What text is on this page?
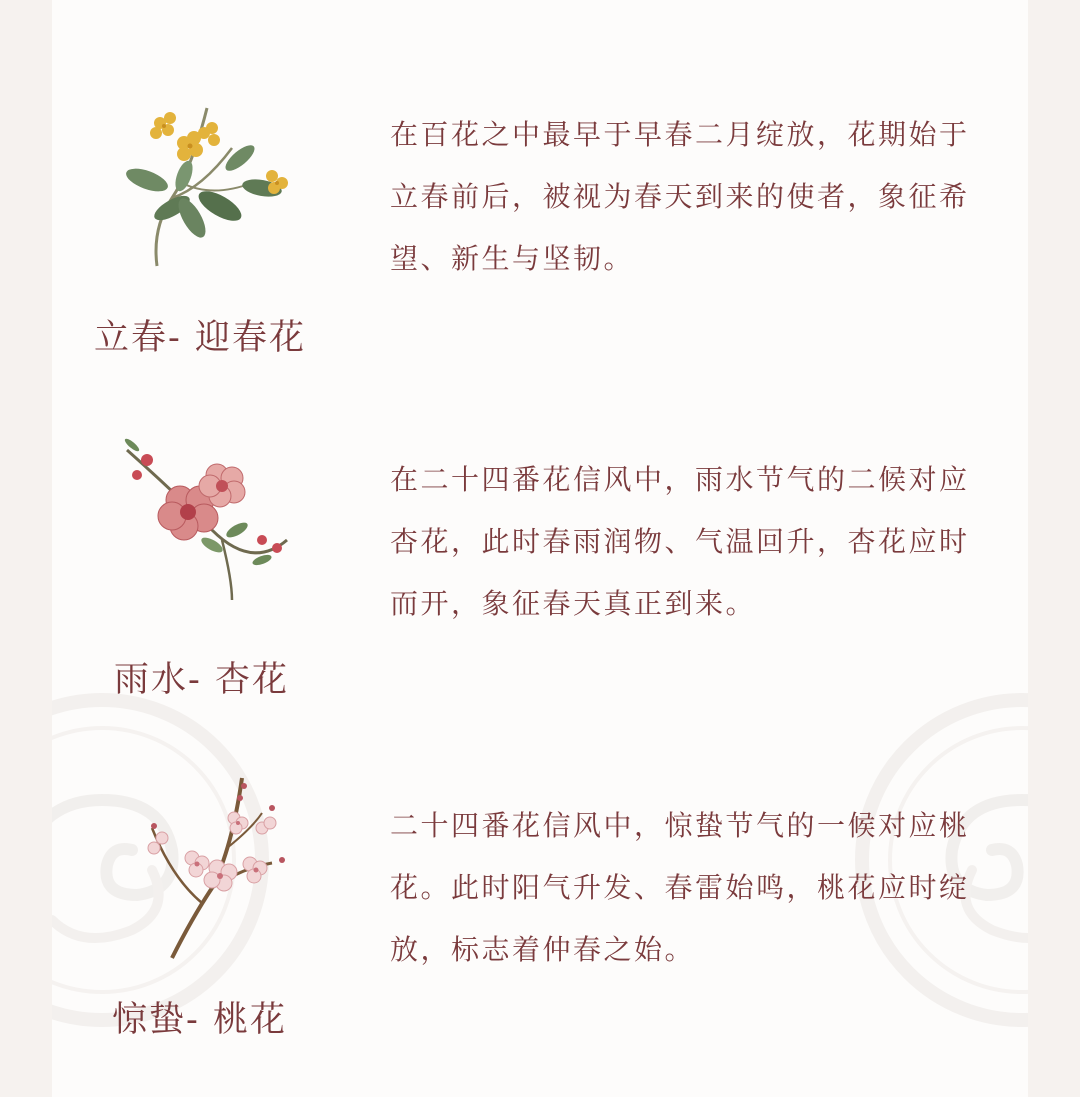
立春- 迎春花
在百花之中最早于早春二月绽放，花期始于
立春前后，被视为春天到来的使者，象征希
望、新生与坚韧。
雨水- 杏花
在二十四番花信风中，雨水节气的二候对应
杏花，此时春雨润物、气温回升，杏花应时
而开，象征春天真正到来。
惊蛰- 桃花
二十四番花信风中，惊蛰节气的一候对应桃
花。此时阳气升发、春雷始鸣，桃花应时绽
放，标志着仲春之始。
